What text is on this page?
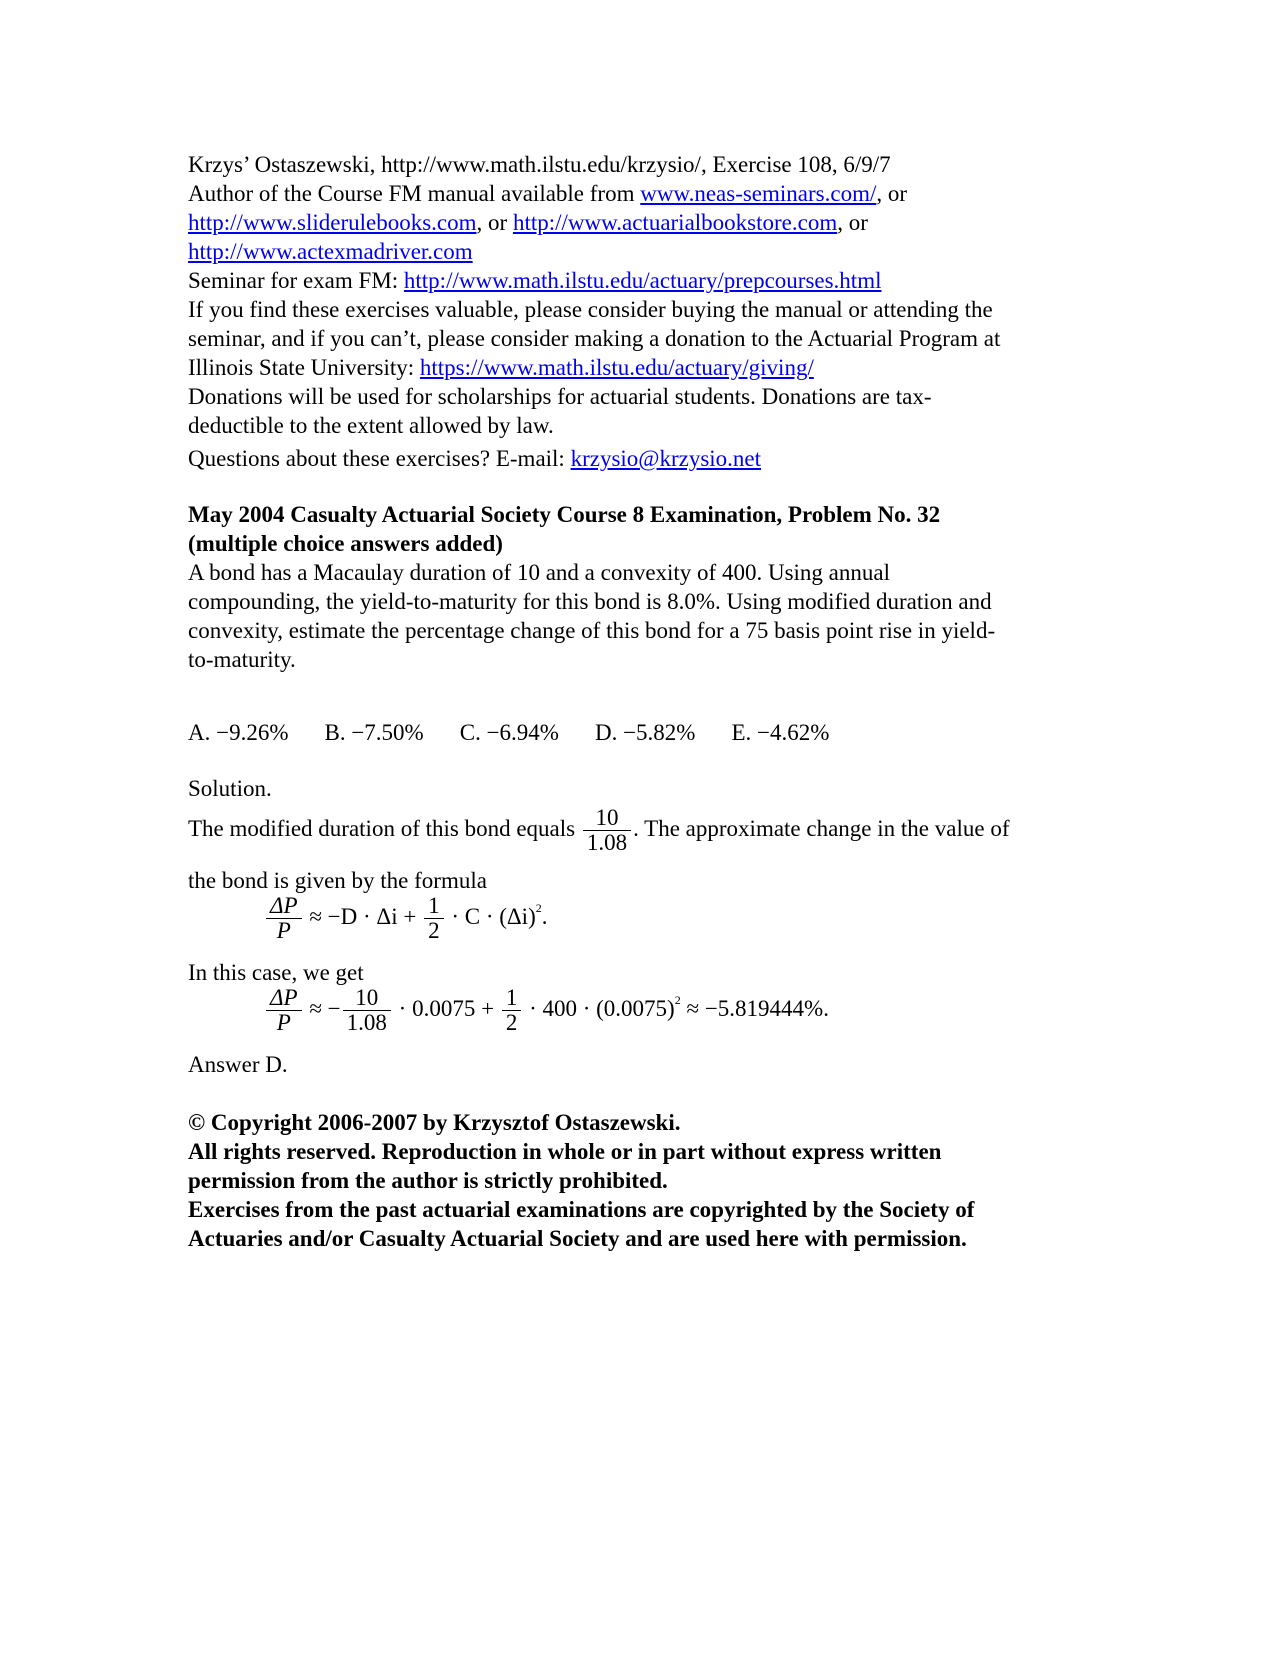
Krzys’ Ostaszewski, http://www.math.ilstu.edu/krzysio/, Exercise 108, 6/9/7
Author of the Course FM manual available from www.neas-seminars.com/, or
http://www.sliderulebooks.com, or http://www.actuarialbookstore.com, or
http://www.actexmadriver.com
Seminar for exam FM: http://www.math.ilstu.edu/actuary/prepcourses.html
If you find these exercises valuable, please consider buying the manual or attending the
seminar, and if you can’t, please consider making a donation to the Actuarial Program at
Illinois State University: https://www.math.ilstu.edu/actuary/giving/
Donations will be used for scholarships for actuarial students. Donations are tax-
deductible to the extent allowed by law.
Questions about these exercises? E-mail: krzysio@krzysio.net
May 2004 Casualty Actuarial Society Course 8 Examination, Problem No. 32
(multiple choice answers added)
A bond has a Macaulay duration of 10 and a convexity of 400. Using annual
compounding, the yield-to-maturity for this bond is 8.0%. Using modified duration and
convexity, estimate the percentage change of this bond for a 75 basis point rise in yield-
to-maturity.
A. −9.26% B. −7.50% C. −6.94% D. −5.82% E. −4.62%
Solution.
The modified duration of this bond equals $\frac{10}{1.08}$ . The approximate change in the value of
the bond is given by the formula
$\frac{\Delta P}{P} \approx -D \cdot \Delta i + \frac{1}{2} \cdot C \cdot (\Delta i)^2$.
In this case, we get
$\frac{\Delta P}{P}$ ≈ − $\frac{10}{1.08} \cdot 0.0075 + \frac{1}{2} \cdot 400 \cdot (0.0075)^2 \approx -5.819444\%$.
Answer D.
© Copyright 2006-2007 by Krzysztof Ostaszewski.
All rights reserved. Reproduction in whole or in part without express written
permission from the author is strictly prohibited.
Exercises from the past actuarial examinations are copyrighted by the Society of
Actuaries and/or Casualty Actuarial Society and are used here with permission.
